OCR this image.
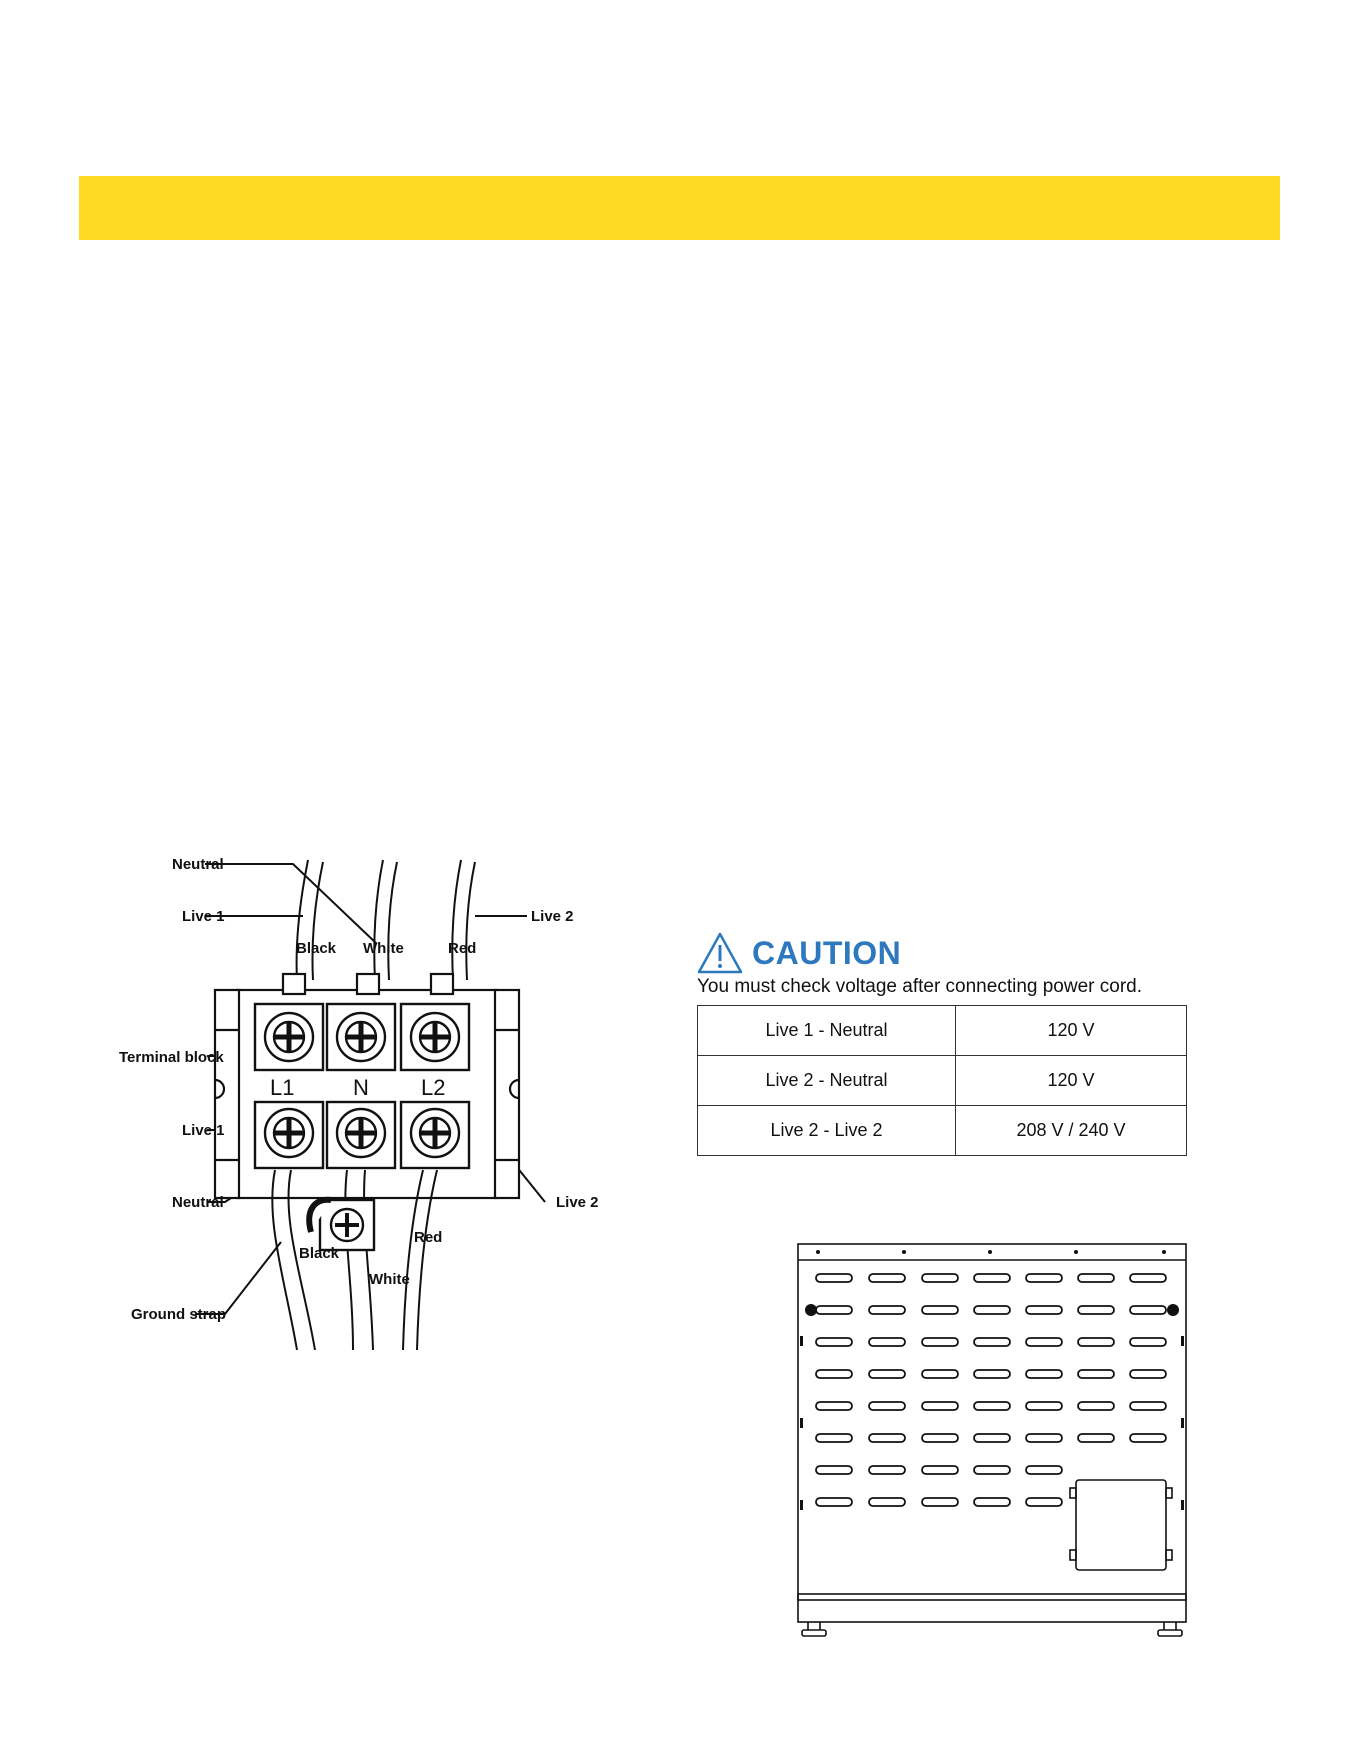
Neutral
Live 1	Live 2
Black White	Red
L1	N L2
Terminal block
Live 1
Neutral	Live 2
Black
White
Red
Ground strap
CAUTION
You must check voltage after connecting power cord.
Live 1 - Neutral	120 V
Live 2 - Neutral	120 V
Live 2 - Live 2	208 V / 240 V
